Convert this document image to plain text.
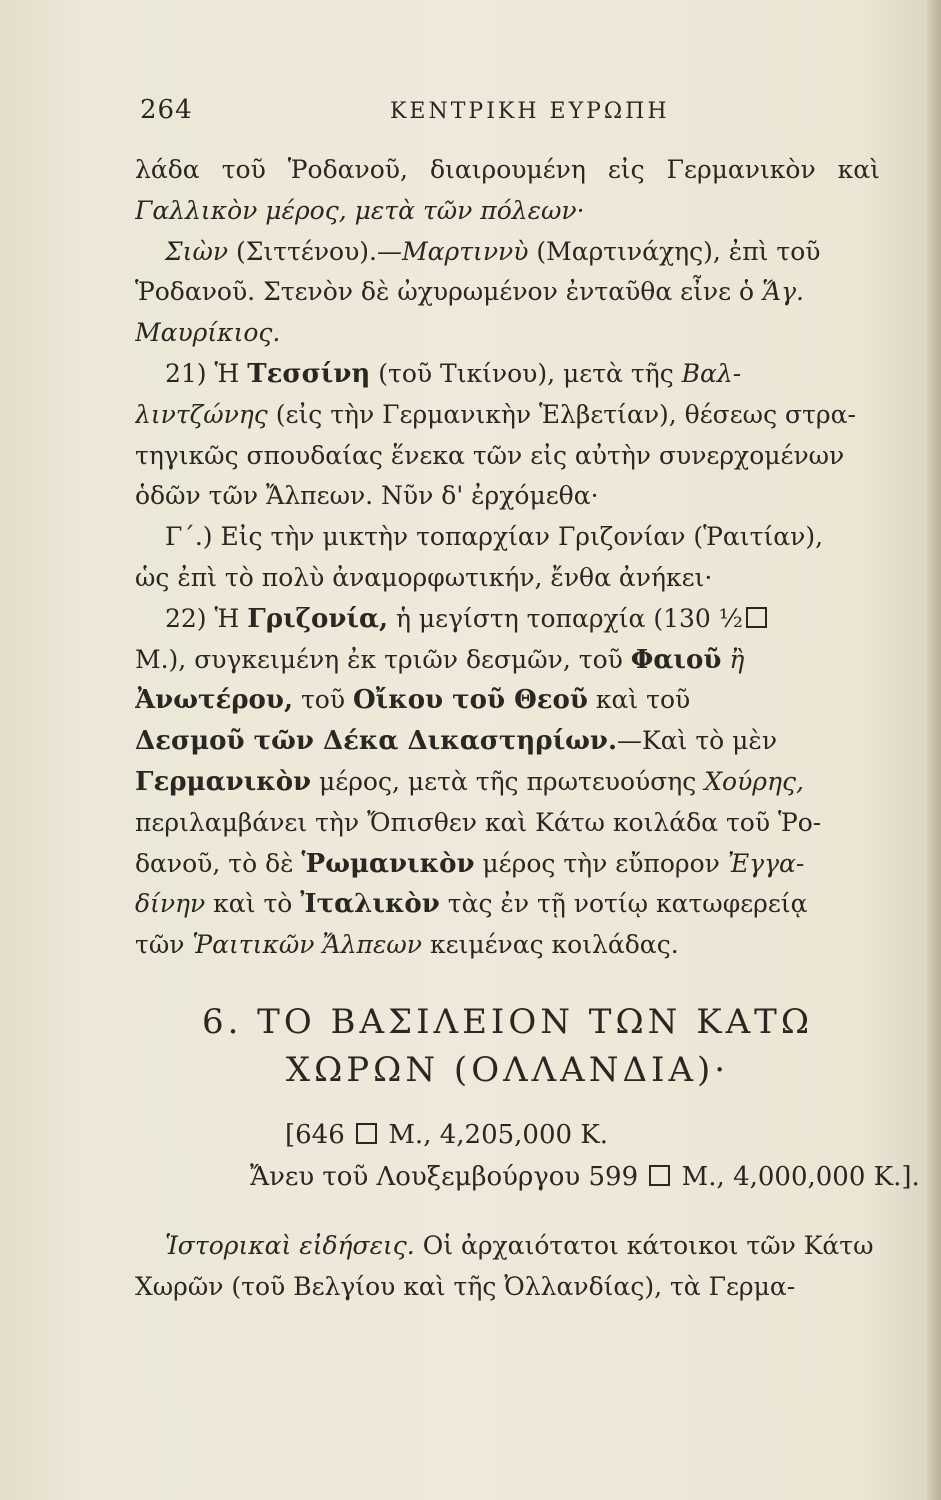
264	ΚΕΝΤΡΙΚΗ ΕΥΡΩΠΗ
λάδα τοῦ Ῥοδανοῦ, διαιρουμένη εἰς Γερμανικὸν καὶ
Γαλλικὸν μέρος, μετὰ τῶν πόλεων·
Σιὼν (Σιττένου).—Μαρτιννὺ (Μαρτινάχης), ἐπὶ τοῦ
Ῥοδανοῦ. Στενὸν δὲ ὠχυρωμένον ἐνταῦθα εἶνε ὁ Ἅγ.
Μαυρίκιος.
21) Ἡ Τεσσίνη (τοῦ Τικίνου), μετὰ τῆς Βαλ-
λιντζώνης (εἰς τὴν Γερμανικὴν Ἑλβετίαν), θέσεως στρα-
τηγικῶς σπουδαίας ἕνεκα τῶν εἰς αὐτὴν συνερχομένων
ὁδῶν τῶν Ἄλπεων. Νῦν δ' ἐρχόμεθα·
Γ΄.) Εἰς τὴν μικτὴν τοπαρχίαν Γριζονίαν (Ῥαιτίαν),
ὡς ἐπὶ τὸ πολὺ ἀναμορφωτικήν, ἔνθα ἀνήκει·
22) Ἡ Γριζονία, ἡ μεγίστη τοπαρχία (130 ½
Μ.), συγκειμένη ἐκ τριῶν δεσμῶν, τοῦ Φαιοῦ ἢ
Ἀνωτέρου, τοῦ Οἴκου τοῦ Θεοῦ καὶ τοῦ
Δεσμοῦ τῶν Δέκα Δικαστηρίων.—Καὶ τὸ μὲν
Γερμανικὸν μέρος, μετὰ τῆς πρωτευούσης Χούρης,
περιλαμβάνει τὴν Ὄπισθεν καὶ Κάτω κοιλάδα τοῦ Ῥο-
δανοῦ, τὸ δὲ Ῥωμανικὸν μέρος τὴν εὔπορον Ἐγγα-
δίνην καὶ τὸ Ἰταλικὸν τὰς ἐν τῇ νοτίῳ κατωφερείᾳ
τῶν Ῥαιτικῶν Ἄλπεων κειμένας κοιλάδας.
6. ΤΟ ΒΑΣΙΛΕΙΟΝ ΤΩΝ ΚΑΤΩ
ΧΩΡΩΝ (ΟΛΛΑΝΔΙΑ)·
[646 Μ., 4,205,000 Κ.
Ἄνευ τοῦ Λουξεμβούργου 599 Μ., 4,000,000 Κ.].
Ἱστορικαὶ εἰδήσεις. Οἱ ἀρχαιότατοι κάτοικοι τῶν Κάτω
Χωρῶν (τοῦ Βελγίου καὶ τῆς Ὀλλανδίας), τὰ Γερμα-
